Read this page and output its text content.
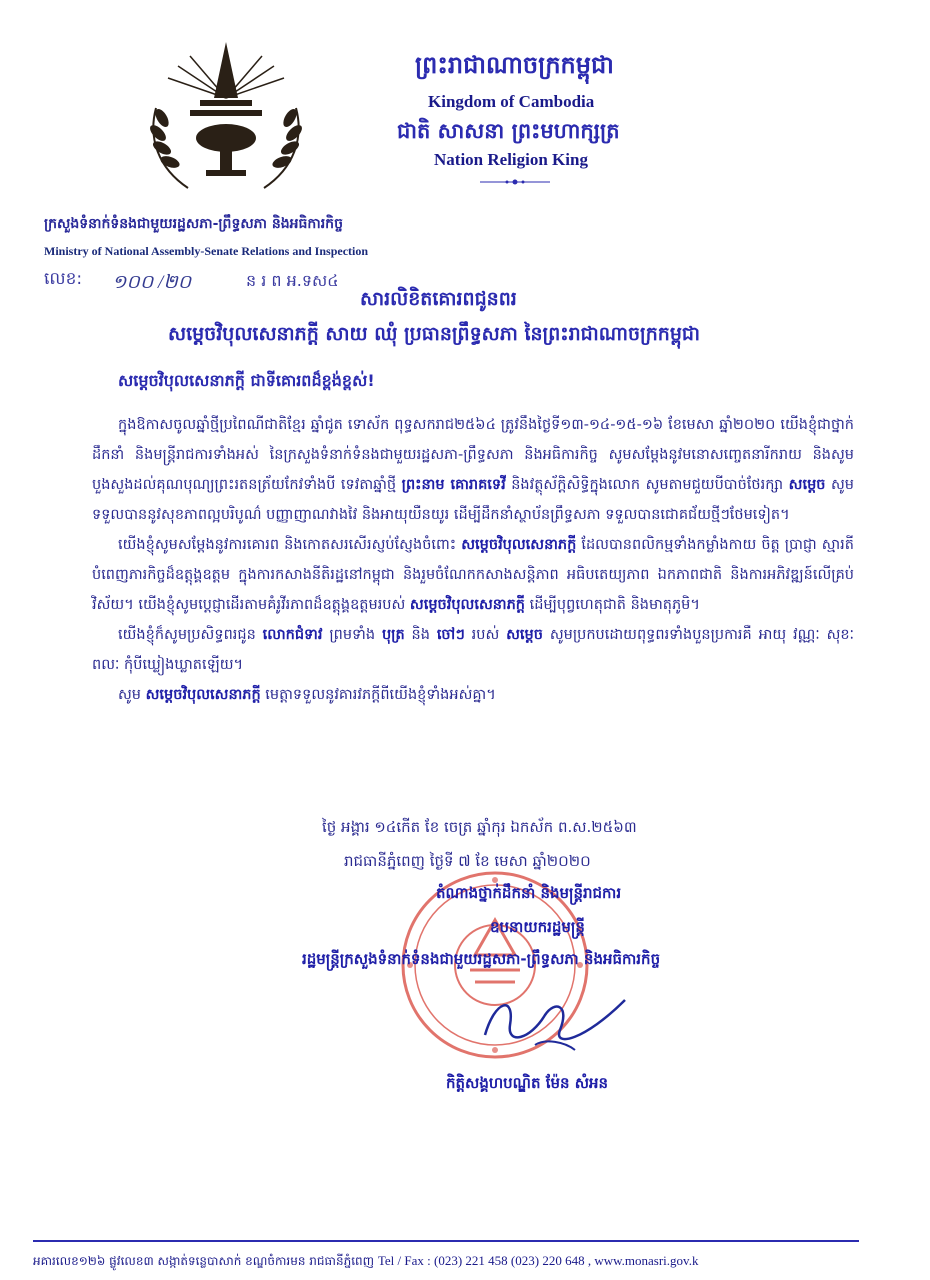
ក្រសួងទំនាក់ទំនងជាមួយរដ្ឋសភា-ព្រឹទ្ធសភា និងអធិការកិច្ច
Ministry of National Assembly-Senate Relations and Inspection
ព្រះរាជាណាចក្រកម្ពុជា
Kingdom of Cambodia
ជាតិ សាសនា ព្រះមហាក្សត្រ
Nation Religion King
លេខ: ១០០ /២០	ន រ ព អ.ទស៤
សារលិខិតគោរពជូនពរ
សម្តេចវិបុលសេនាភក្តី សាយ ឈុំ ប្រធានព្រឹទ្ធសភា នៃព្រះរាជាណាចក្រកម្ពុជា
សម្តេចវិបុលសេនាភក្តី ជាទីគោរពដ៏ខ្ពង់ខ្ពស់!

ក្នុងឱកាសចូលឆ្នាំថ្មីប្រពៃណីជាតិខ្មែរ ឆ្នាំជូត ទោស័ក ពុទ្ធសករាជ២៥៦៤ ត្រូវនឹងថ្ងៃទី១៣-១៤-១៥-១៦ ខែមេសា ឆ្នាំ២០២០ យើងខ្ញុំជាថ្នាក់ដឹកនាំ និងមន្ត្រីរាជការទាំងអស់ នៃក្រសួងទំនាក់ទំនងជាមួយរដ្ឋសភា-ព្រឹទ្ធសភា និងអធិការកិច្ច សូមសម្តែងនូវមនោសញ្ចេតនារីករាយ និងសូមបួងសួងដល់គុណបុណ្យព្រះរតនត្រ័យកែវទាំងបី ទេវតាឆ្នាំថ្មី ព្រះនាម គោរាគទេវី និងវត្ថុស័ក្តិសិទ្ធិក្នុងលោក សូមតាមជួយបីបាច់ថែរក្សា សម្តេច សូមទទួលបាននូវសុខភាពល្អបរិបូណ៌ បញ្ញាញាណវាងវៃ និងអាយុយឺនយូរ ដើម្បីដឹកនាំស្ថាប័នព្រឹទ្ធសភា ទទួលបានជោគជ័យថ្មីៗថែមទៀត។

យើងខ្ញុំសូមសម្តែងនូវការគោរព និងកោតសរសើរស្ញប់ស្ញែងចំពោះ សម្តេចវិបុលសេនាភក្តី ដែលបានពលិកម្មទាំងកម្លាំងកាយ ចិត្ត ប្រាជ្ញា ស្មារតី បំពេញភារកិច្ចដ៏ឧត្តុង្គឧត្តម ក្នុងការកសាងនីតិរដ្ឋនៅកម្ពុជា និងរួមចំណែកកសាងសន្តិភាព អធិបតេយ្យភាព ឯកភាពជាតិ និងការអភិវឌ្ឍន៍លើគ្រប់វិស័យ។ យើងខ្ញុំសូមប្តេជ្ញាដើរតាមគំរូវីរភាពដ៏ឧត្តុង្គឧត្តមរបស់ សម្តេចវិបុលសេនាភក្តី ដើម្បីបុព្វហេតុជាតិ និងមាតុភូមិ។

យើងខ្ញុំក៏សូមប្រសិទ្ធពរជូន លោកជំទាវ ព្រមទាំង បុត្រ និង ចៅៗ របស់ សម្តេច សូមប្រកបដោយពុទ្ធពរទាំងបួនប្រការគឺ អាយុ វណ្ណៈ សុខៈ ពលៈ កុំបីឃ្លៀងឃ្លាតឡើយ។

សូម សម្តេចវិបុលសេនាភក្តី មេត្តាទទួលនូវគារវភក្តីពីយើងខ្ញុំទាំងអស់គ្នា។

ថ្ងៃ អង្គារ ១៤កើត ខែ ចេត្រ ឆ្នាំកុរ ឯកស័ក ព.ស.២៥៦៣
រាជធានីភ្នំពេញ ថ្ងៃទី ៧ ខែ មេសា ឆ្នាំ២០២០
តំណាងថ្នាក់ដឹកនាំ និងមន្ត្រីរាជការ
ឧបនាយករដ្ឋមន្ត្រី
រដ្ឋមន្ត្រីក្រសួងទំនាក់ទំនងជាមួយរដ្ឋសភា-ព្រឹទ្ធសភា និងអធិការកិច្ច
កិត្តិសង្គហបណ្ឌិត ម៉ែន សំអន
អគារលេខ១២៦ ផ្លូវលេខ៣ សង្កាត់ទន្លេបាសាក់ ខណ្ឌចំការមន រាជធានីភ្នំពេញ Tel / Fax : (023) 221 458 (023) 220 648 , www.monasri.gov.k
